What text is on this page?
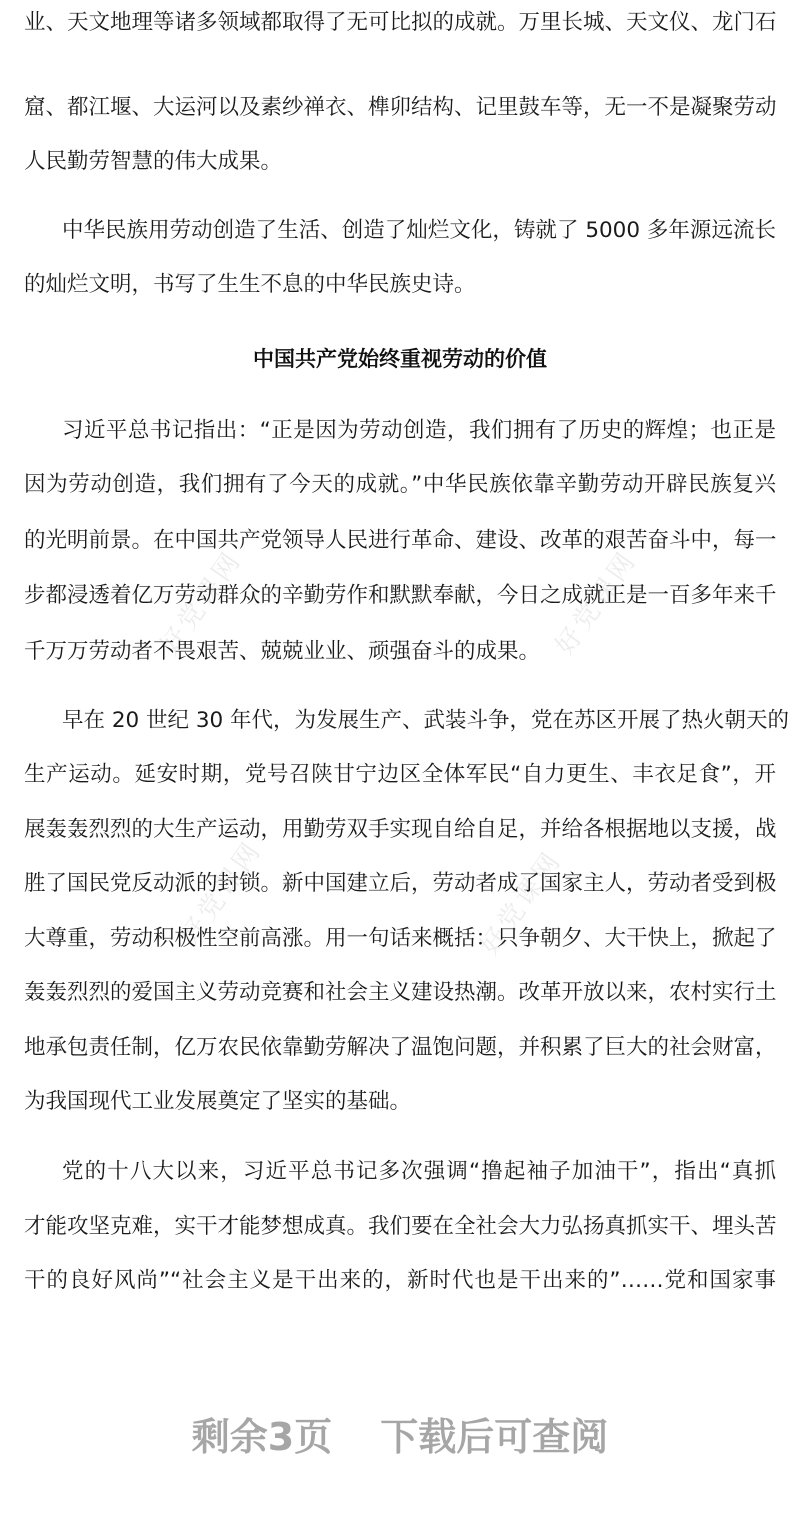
好党课网	好党课网
好党课网	好党课网
业、天文地理等诸多领域都取得了无可比拟的成就。万里长城、天文仪、龙门石
窟、都江堰、大运河以及素纱禅衣、榫卯结构、记里鼓车等，无一不是凝聚劳动
人民勤劳智慧的伟大成果。
中华民族用劳动创造了生活、创造了灿烂文化，铸就了 5000 多年源远流长
的灿烂文明，书写了生生不息的中华民族史诗。
中国共产党始终重视劳动的价值
习近平总书记指出：“正是因为劳动创造，我们拥有了历史的辉煌；也正是
因为劳动创造，我们拥有了今天的成就。”中华民族依靠辛勤劳动开辟民族复兴
的光明前景。在中国共产党领导人民进行革命、建设、改革的艰苦奋斗中，每一
步都浸透着亿万劳动群众的辛勤劳作和默默奉献，今日之成就正是一百多年来千
千万万劳动者不畏艰苦、兢兢业业、顽强奋斗的成果。
早在 20 世纪 30 年代，为发展生产、武装斗争，党在苏区开展了热火朝天的
生产运动。延安时期，党号召陕甘宁边区全体军民“自力更生、丰衣足食”，开
展轰轰烈烈的大生产运动，用勤劳双手实现自给自足，并给各根据地以支援，战
胜了国民党反动派的封锁。新中国建立后，劳动者成了国家主人，劳动者受到极
大尊重，劳动积极性空前高涨。用一句话来概括：只争朝夕、大干快上，掀起了
轰轰烈烈的爱国主义劳动竞赛和社会主义建设热潮。改革开放以来，农村实行土
地承包责任制，亿万农民依靠勤劳解决了温饱问题，并积累了巨大的社会财富，
为我国现代工业发展奠定了坚实的基础。
党的十八大以来，习近平总书记多次强调“撸起袖子加油干”，指出“真抓
才能攻坚克难，实干才能梦想成真。我们要在全社会大力弘扬真抓实干、埋头苦
干的良好风尚”“社会主义是干出来的，新时代也是干出来的”……党和国家事
剩余3页 下载后可查阅
